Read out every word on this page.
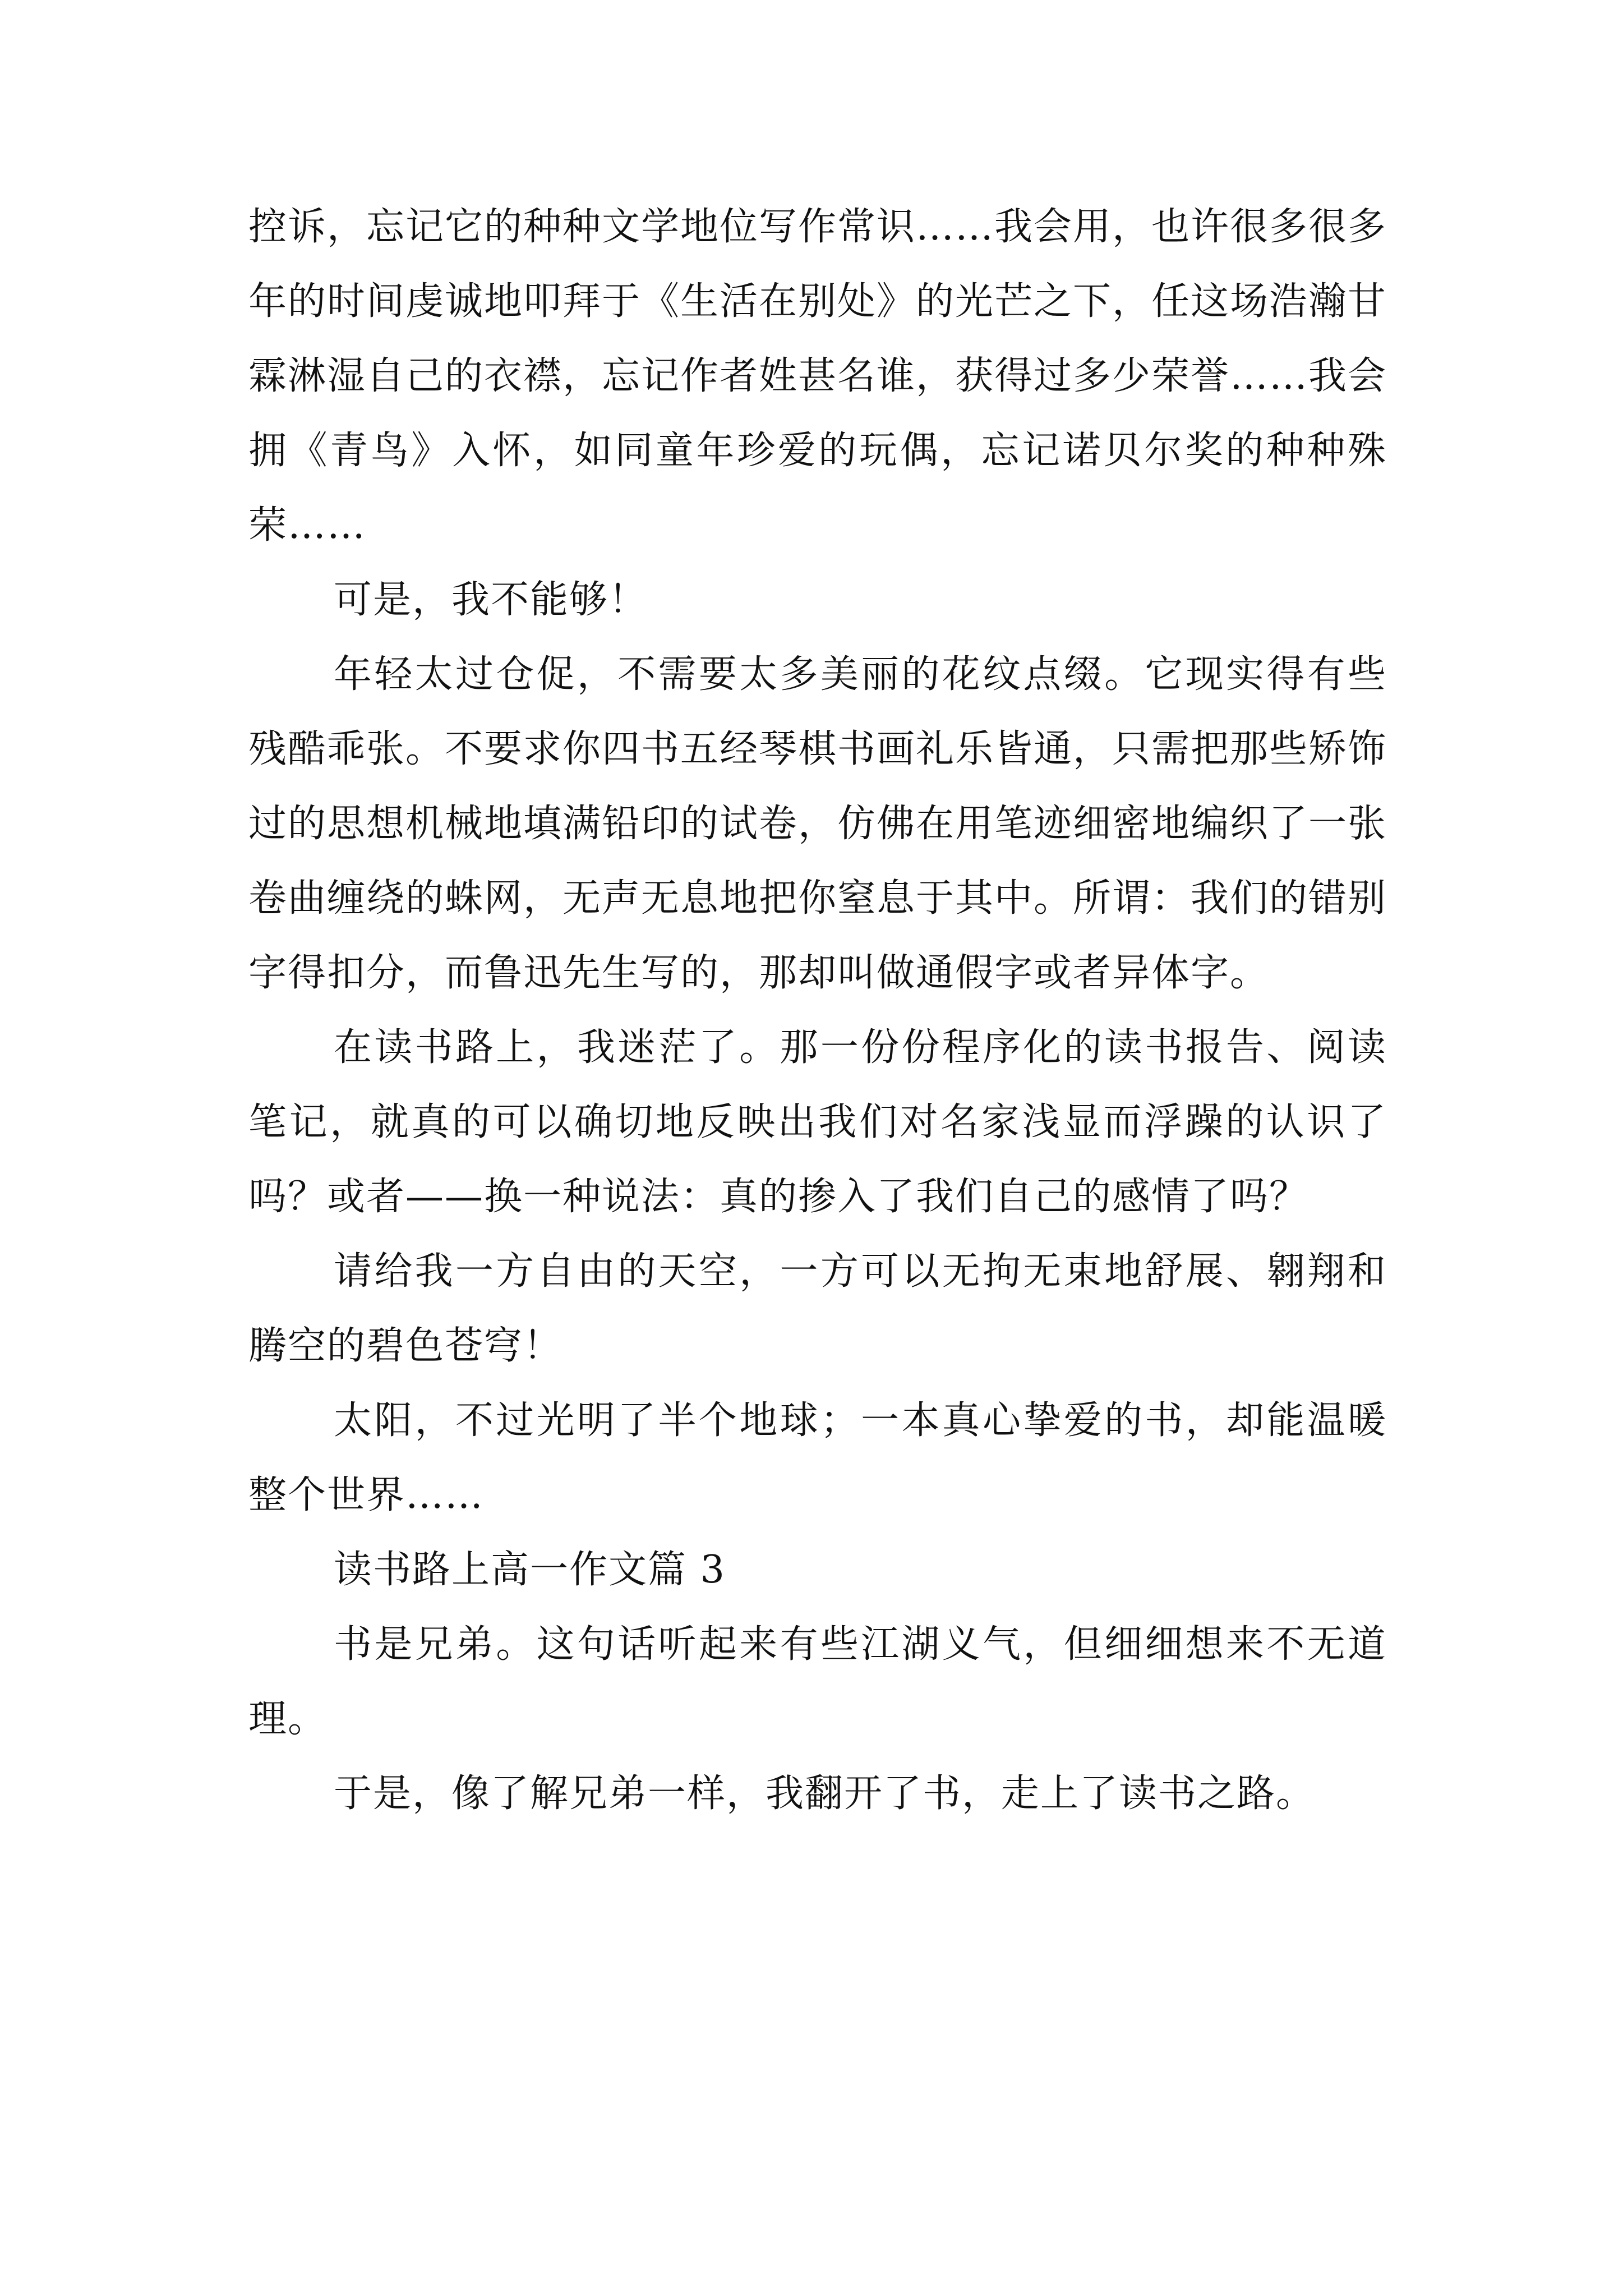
控诉，忘记它的种种文学地位写作常识……我会用，也许很多很多年的时间虔诚地叩拜于《生活在别处》的光芒之下，任这场浩瀚甘霖淋湿自己的衣襟，忘记作者姓甚名谁，获得过多少荣誉……我会拥《青鸟》入怀，如同童年珍爱的玩偶，忘记诺贝尔奖的种种殊荣……

可是，我不能够！

年轻太过仓促，不需要太多美丽的花纹点缀。它现实得有些残酷乖张。不要求你四书五经琴棋书画礼乐皆通，只需把那些矫饰过的思想机械地填满铅印的试卷，仿佛在用笔迹细密地编织了一张卷曲缠绕的蛛网，无声无息地把你窒息于其中。所谓：我们的错别字得扣分，而鲁迅先生写的，那却叫做通假字或者异体字。

在读书路上，我迷茫了。那一份份程序化的读书报告、阅读笔记，就真的可以确切地反映出我们对名家浅显而浮躁的认识了吗？或者——换一种说法：真的掺入了我们自己的感情了吗？

请给我一方自由的天空，一方可以无拘无束地舒展、翱翔和腾空的碧色苍穹！

太阳，不过光明了半个地球；一本真心挚爱的书，却能温暖整个世界……

读书路上高一作文篇 3

书是兄弟。这句话听起来有些江湖义气，但细细想来不无道理。

于是，像了解兄弟一样，我翻开了书，走上了读书之路。
